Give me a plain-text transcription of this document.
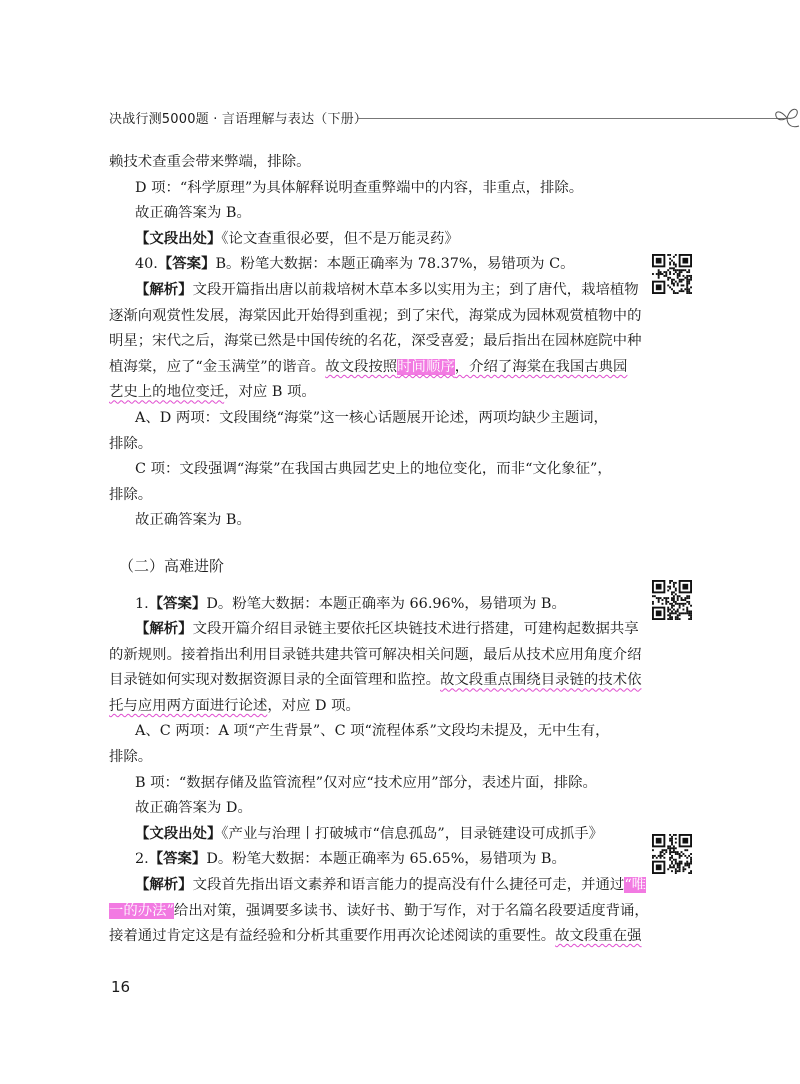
决战行测5000题 · 言语理解与表达（下册）

赖技术查重会带来弊端，排除。

D 项：“科学原理”为具体解释说明查重弊端中的内容，非重点，排除。

故正确答案为 B。

【文段出处】《论文查重很必要，但不是万能灵药》

40.【答案】B。粉笔大数据：本题正确率为 78.37%，易错项为 C。

【解析】文段开篇指出唐以前栽培树木草本多以实用为主；到了唐代，栽培植物

逐渐向观赏性发展，海棠因此开始得到重视；到了宋代，海棠成为园林观赏植物中的

明星；宋代之后，海棠已然是中国传统的名花，深受喜爱；最后指出在园林庭院中种

植海棠，应了“金玉满堂”的谐音。故文段按照时间顺序，介绍了海棠在我国古典园

艺史上的地位变迁，对应 B 项。

A、D 两项：文段围绕“海棠”这一核心话题展开论述，两项均缺少主题词，

排除。

C 项：文段强调“海棠”在我国古典园艺史上的地位变化，而非“文化象征”，

排除。

故正确答案为 B。

（二）高难进阶

1.【答案】D。粉笔大数据：本题正确率为 66.96%，易错项为 B。

【解析】文段开篇介绍目录链主要依托区块链技术进行搭建，可建构起数据共享

的新规则。接着指出利用目录链共建共管可解决相关问题，最后从技术应用角度介绍

目录链如何实现对数据资源目录的全面管理和监控。故文段重点围绕目录链的技术依

托与应用两方面进行论述，对应 D 项。

A、C 两项：A 项“产生背景”、C 项“流程体系”文段均未提及，无中生有，

排除。

B 项：“数据存储及监管流程”仅对应“技术应用”部分，表述片面，排除。

故正确答案为 D。

【文段出处】《产业与治理丨打破城市“信息孤岛”，目录链建设可成抓手》

2.【答案】D。粉笔大数据：本题正确率为 65.65%，易错项为 B。

【解析】文段首先指出语文素养和语言能力的提高没有什么捷径可走，并通过“唯

一的办法”给出对策，强调要多读书、读好书、勤于写作，对于名篇名段要适度背诵，

接着通过肯定这是有益经验和分析其重要作用再次论述阅读的重要性。故文段重在强

16
